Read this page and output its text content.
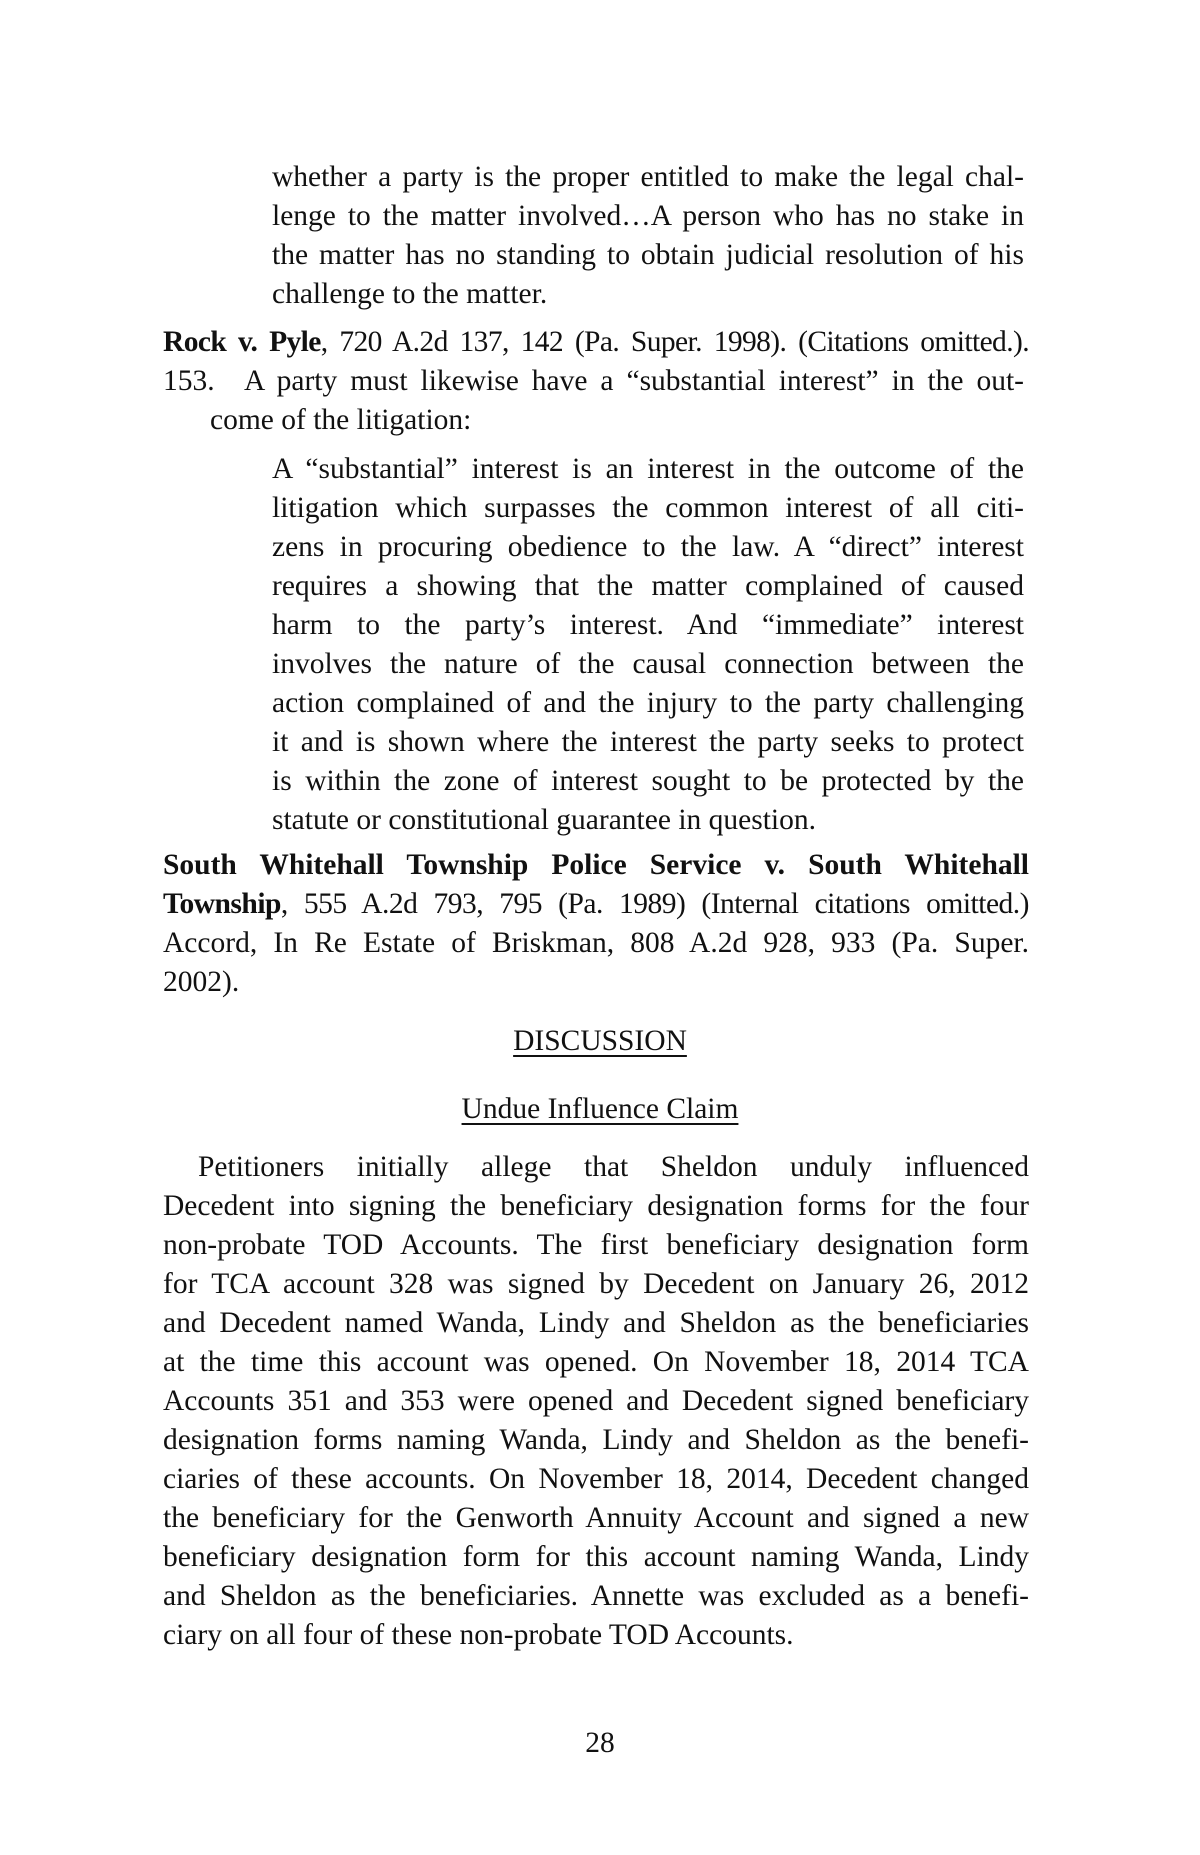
whether a party is the proper entitled to make the legal chal-
lenge to the matter involved…A person who has no stake in
the matter has no standing to obtain judicial resolution of his
challenge to the matter.
Rock v. Pyle, 720 A.2d 137, 142 (Pa. Super. 1998). (Citations omitted.).
153. A party must likewise have a “substantial interest” in the out-
come of the litigation:
A “substantial” interest is an interest in the outcome of the
litigation which surpasses the common interest of all citi-
zens in procuring obedience to the law. A “direct” interest
requires a showing that the matter complained of caused
harm to the party’s interest. And “immediate” interest
involves the nature of the causal connection between the
action complained of and the injury to the party challenging
it and is shown where the interest the party seeks to protect
is within the zone of interest sought to be protected by the
statute or constitutional guarantee in question.
South Whitehall Township Police Service v. South Whitehall
Township, 555 A.2d 793, 795 (Pa. 1989) (Internal citations omitted.)
Accord, In Re Estate of Briskman, 808 A.2d 928, 933 (Pa. Super.
2002).
DISCUSSION
Undue Influence Claim
Petitioners initially allege that Sheldon unduly influenced
Decedent into signing the beneficiary designation forms for the four
non-probate TOD Accounts. The first beneficiary designation form
for TCA account 328 was signed by Decedent on January 26, 2012
and Decedent named Wanda, Lindy and Sheldon as the beneficiaries
at the time this account was opened. On November 18, 2014 TCA
Accounts 351 and 353 were opened and Decedent signed beneficiary
designation forms naming Wanda, Lindy and Sheldon as the benefi-
ciaries of these accounts. On November 18, 2014, Decedent changed
the beneficiary for the Genworth Annuity Account and signed a new
beneficiary designation form for this account naming Wanda, Lindy
and Sheldon as the beneficiaries. Annette was excluded as a benefi-
ciary on all four of these non-probate TOD Accounts.
28
